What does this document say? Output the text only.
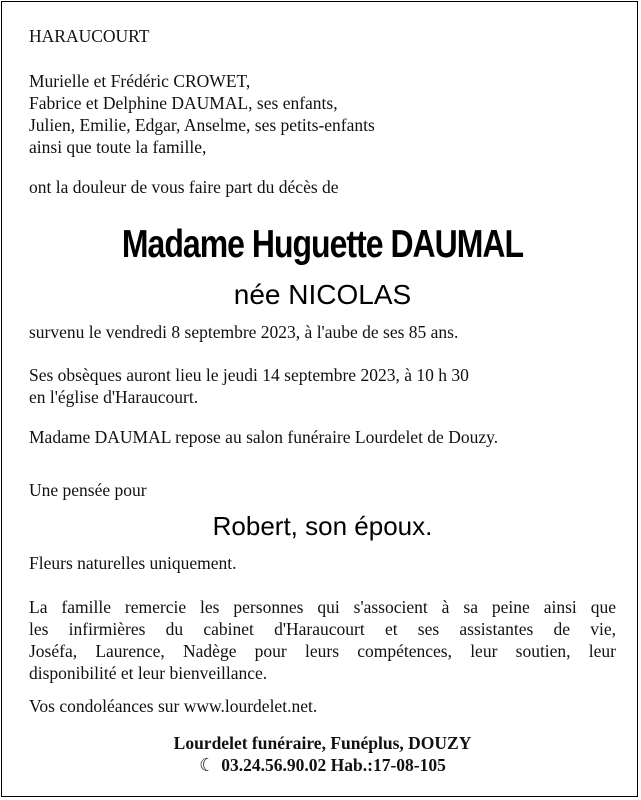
HARAUCOURT
Murielle et Frédéric CROWET,
Fabrice et Delphine DAUMAL, ses enfants,
Julien, Emilie, Edgar, Anselme, ses petits-enfants
ainsi que toute la famille,
ont la douleur de vous faire part du décès de
Madame Huguette DAUMAL
née NICOLAS
survenu le vendredi 8 septembre 2023, à l'aube de ses 85 ans.
Ses obsèques auront lieu le jeudi 14 septembre 2023, à 10 h 30
en l'église d'Haraucourt.
Madame DAUMAL repose au salon funéraire Lourdelet de Douzy.
Une pensée pour
Robert, son époux.
Fleurs naturelles uniquement.
La famille remercie les personnes qui s'associent à sa peine ainsi que
les infirmières du cabinet d'Haraucourt et ses assistantes de vie,
Joséfa, Laurence, Nadège pour leurs compétences, leur soutien, leur
disponibilité et leur bienveillance.
Vos condoléances sur www.lourdelet.net.
Lourdelet funéraire, Funéplus, DOUZY
☾ 03.24.56.90.02 Hab.:17-08-105
